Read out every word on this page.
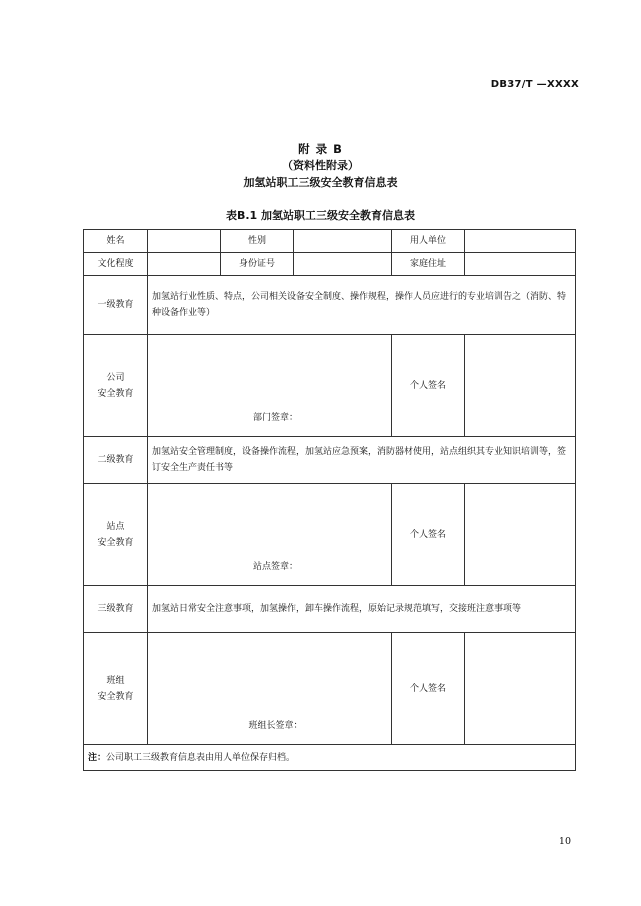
DB37/T —XXXX
附 录 B
（资料性附录）
加氢站职工三级安全教育信息表
表B.1 加氢站职工三级安全教育信息表
姓名		性别		用人单位	
文化程度		身份证号		家庭住址	
一级教育	加氢站行业性质、特点，公司相关设备安全制度、操作规程，操作人员应进行的专业培训告之（消防、特种设备作业等）				
公司
安全教育	部门签章：			个人签名	
二级教育	加氢站安全管理制度，设备操作流程，加氢站应急预案，消防器材使用，站点组织其专业知识培训等，签订安全生产责任书等				
站点
安全教育	站点签章：			个人签名	
三级教育	加氢站日常安全注意事项，加氢操作，卸车操作流程，原始记录规范填写，交接班注意事项等				
班组
安全教育	班组长签章：			个人签名	
注：公司职工三级教育信息表由用人单位保存归档。					
10
